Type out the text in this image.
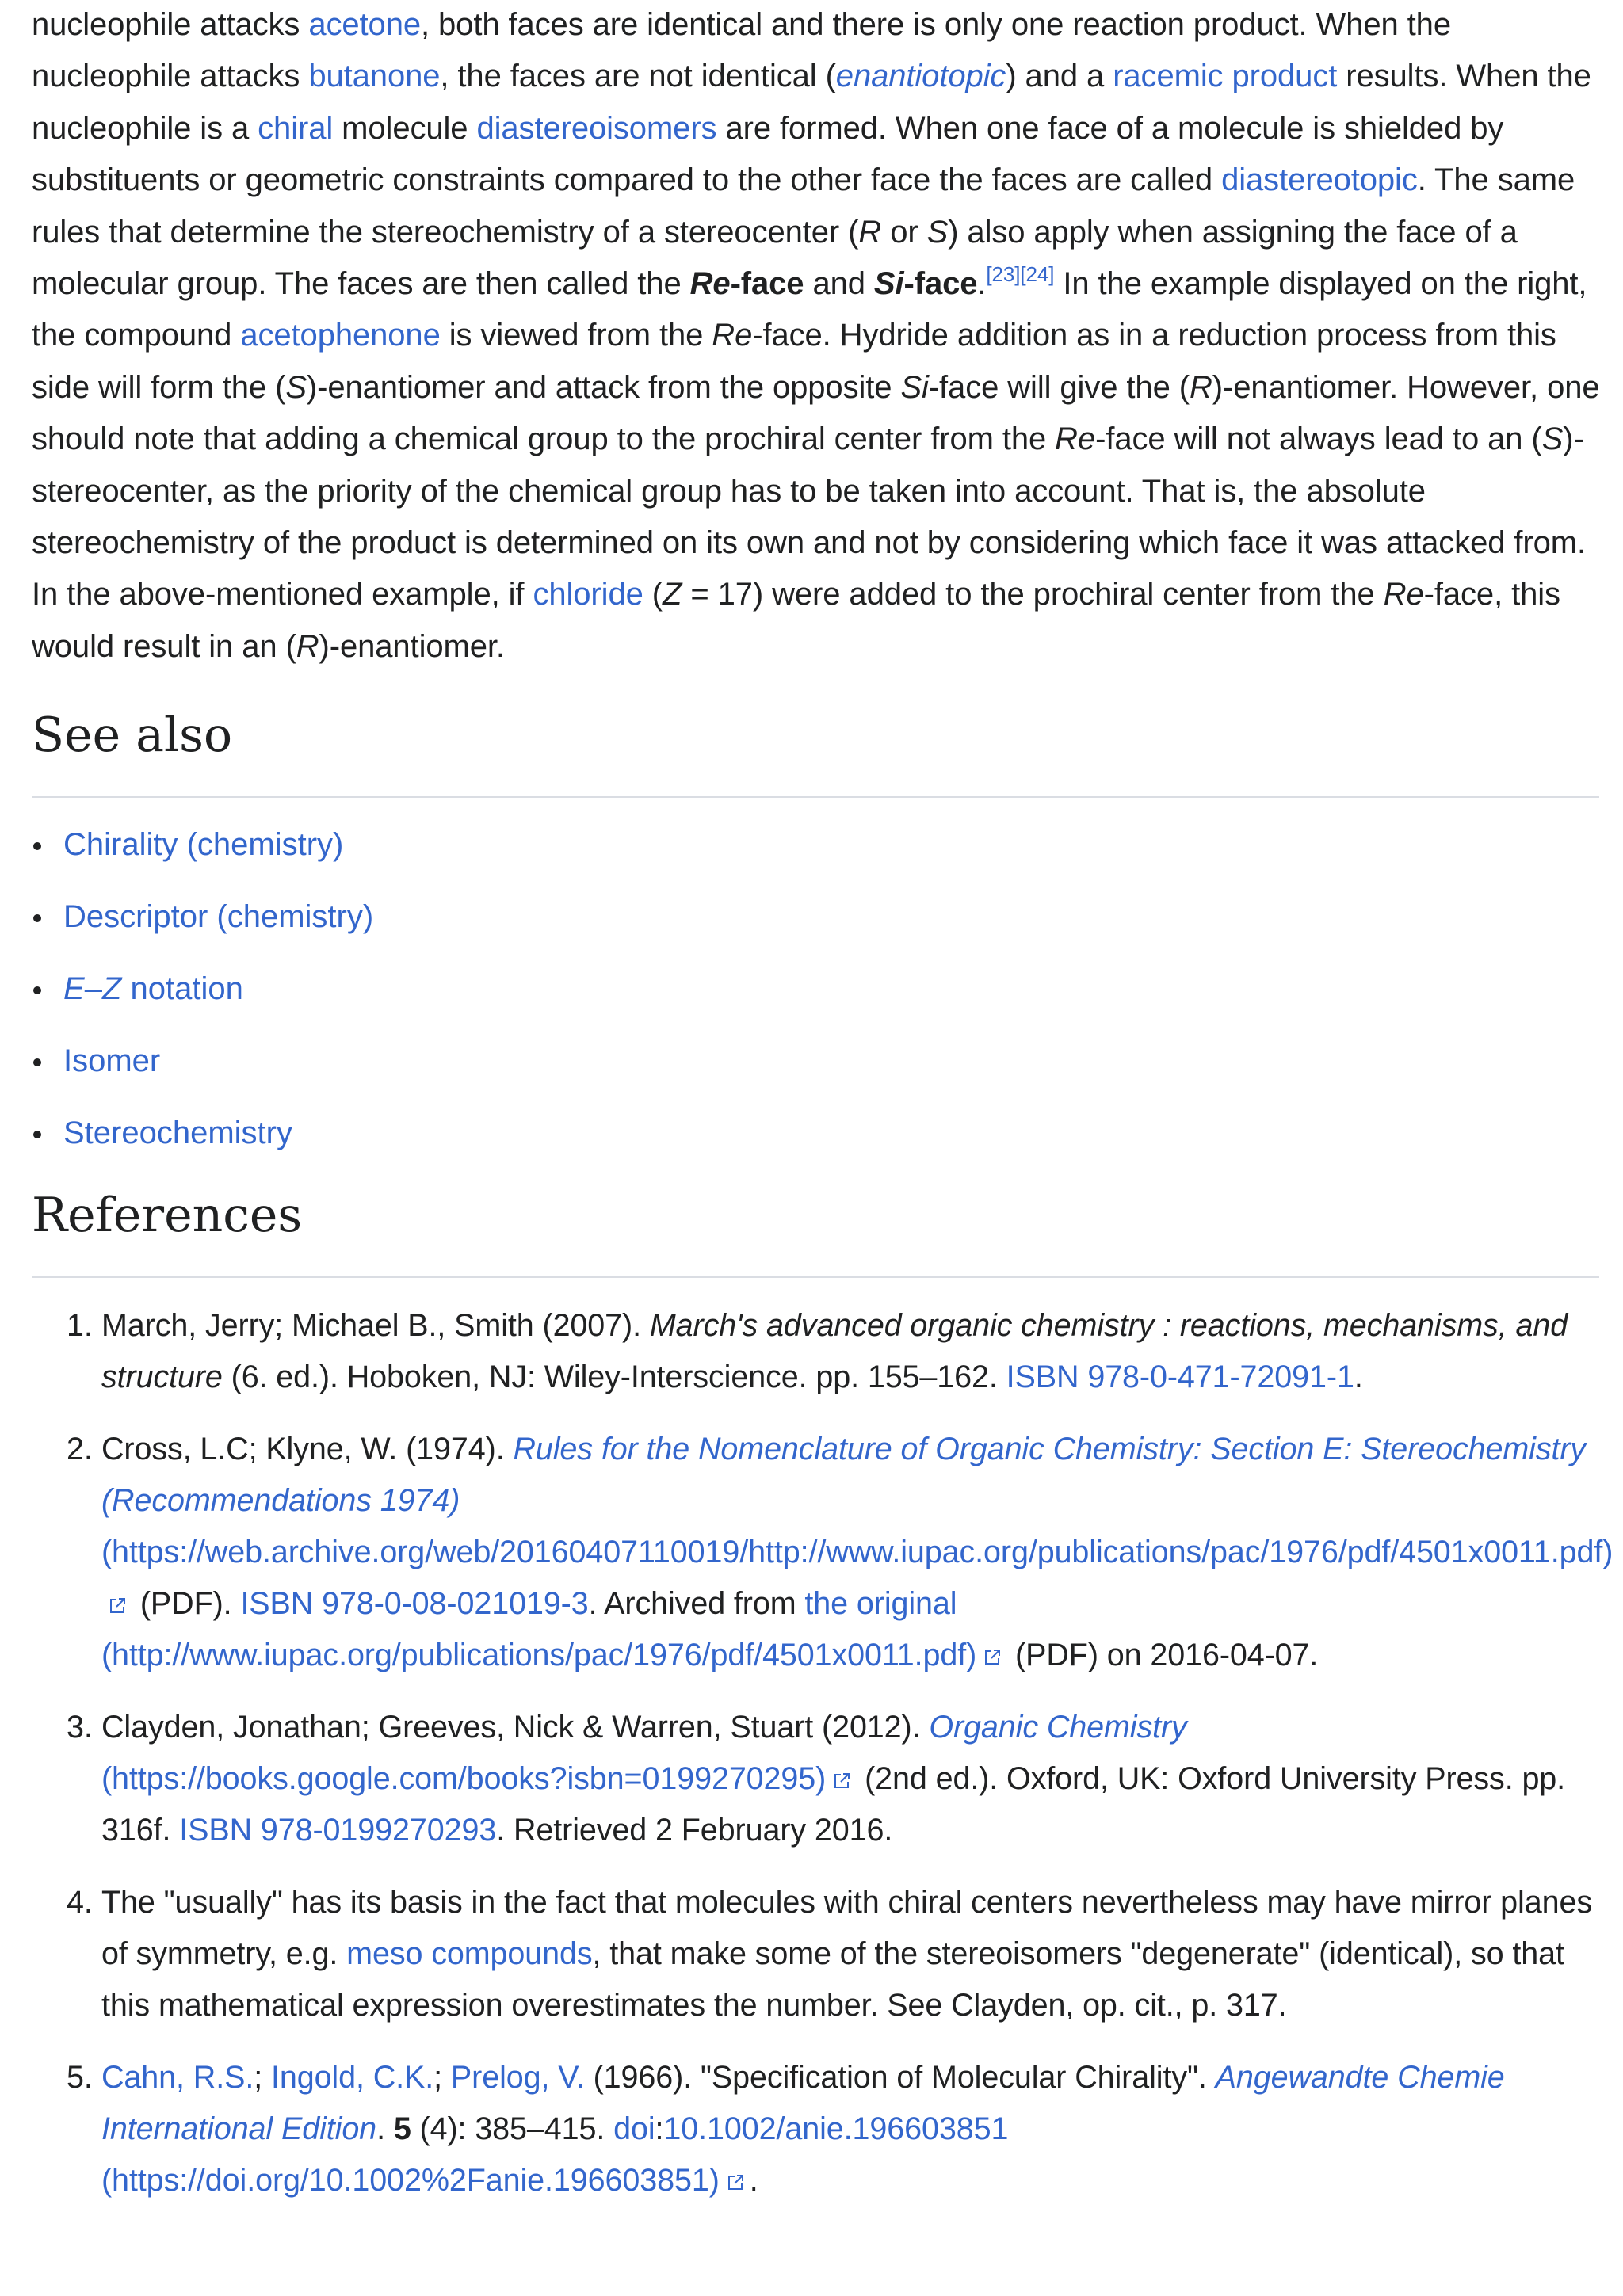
nucleophile attacks acetone, both faces are identical and there is only one reaction product. When the nucleophile attacks butanone, the faces are not identical (enantiotopic) and a racemic product results. When the nucleophile is a chiral molecule diastereoisomers are formed. When one face of a molecule is shielded by substituents or geometric constraints compared to the other face the faces are called diastereotopic. The same rules that determine the stereochemistry of a stereocenter (R or S) also apply when assigning the face of a molecular group. The faces are then called the Re-face and Si-face.[23][24] In the example displayed on the right, the compound acetophenone is viewed from the Re-face. Hydride addition as in a reduction process from this side will form the (S)-enantiomer and attack from the opposite Si-face will give the (R)-enantiomer. However, one should note that adding a chemical group to the prochiral center from the Re-face will not always lead to an (S)-stereocenter, as the priority of the chemical group has to be taken into account. That is, the absolute stereochemistry of the product is determined on its own and not by considering which face it was attacked from. In the above-mentioned example, if chloride (Z = 17) were added to the prochiral center from the Re-face, this would result in an (R)-enantiomer.

See also
Chirality (chemistry)
Descriptor (chemistry)
E–Z notation
Isomer
Stereochemistry
References
1. March, Jerry; Michael B., Smith (2007). March's advanced organic chemistry : reactions, mechanisms, and structure (6. ed.). Hoboken, NJ: Wiley-Interscience. pp. 155–162. ISBN 978-0-471-72091-1.
2. Cross, L.C; Klyne, W. (1974). Rules for the Nomenclature of Organic Chemistry: Section E: Stereochemistry (Recommendations 1974) (https://web.archive.org/web/20160407110019/http://www.iupac.org/publications/pac/1976/pdf/4501x0011.pdf)
(PDF). ISBN 978-0-08-021019-3. Archived from the original (http://www.iupac.org/publications/pac/1976/pdf/4501x0011.pdf)
(PDF) on 2016-04-07.
3. Clayden, Jonathan; Greeves, Nick & Warren, Stuart (2012). Organic Chemistry (https://books.google.com/books?isbn=0199270295)
(2nd ed.). Oxford, UK: Oxford University Press. pp. 316f. ISBN 978-0199270293. Retrieved 2 February 2016.
4. The "usually" has its basis in the fact that molecules with chiral centers nevertheless may have mirror planes of symmetry, e.g. meso compounds, that make some of the stereoisomers "degenerate" (identical), so that this mathematical expression overestimates the number. See Clayden, op. cit., p. 317.
5. Cahn, R.S.; Ingold, C.K.; Prelog, V. (1966). "Specification of Molecular Chirality". Angewandte Chemie International Edition. 5 (4): 385–415. doi:10.1002/anie.196603851 (https://doi.org/10.1002%2Fanie.196603851) .
